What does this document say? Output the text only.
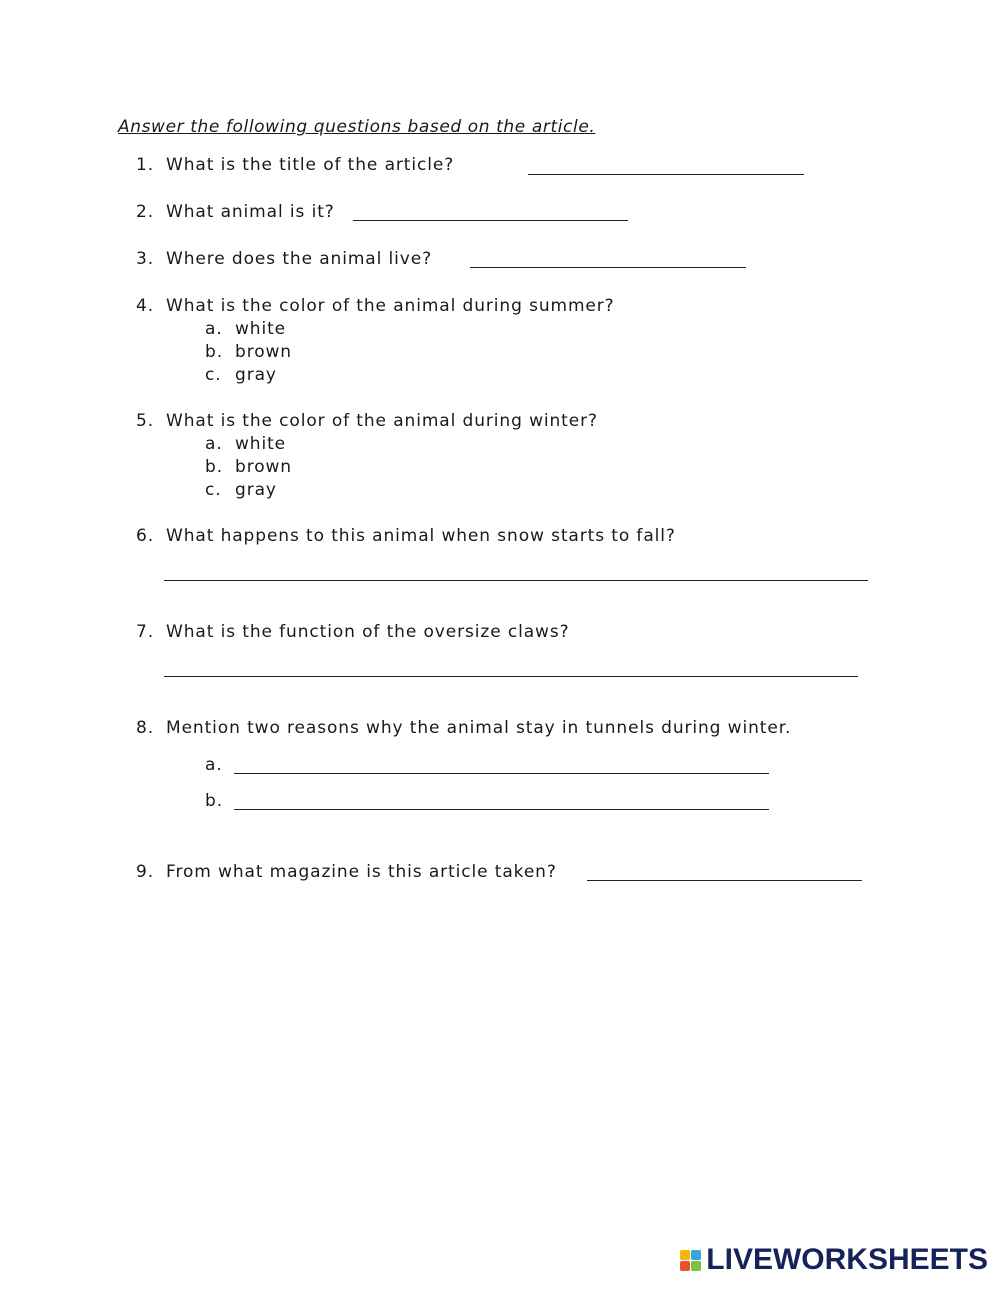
Answer the following questions based on the article.
1. What is the title of the article?
2. What animal is it?
3. Where does the animal live?
4. What is the color of the animal during summer?
a. white
b. brown
c. gray
5. What is the color of the animal during winter?
a. white
b. brown
c. gray
6. What happens to this animal when snow starts to fall?
7. What is the function of the oversize claws?
8. Mention two reasons why the animal stay in tunnels during winter.
a.
b.
9. From what magazine is this article taken?
LIVEWORKSHEETS
